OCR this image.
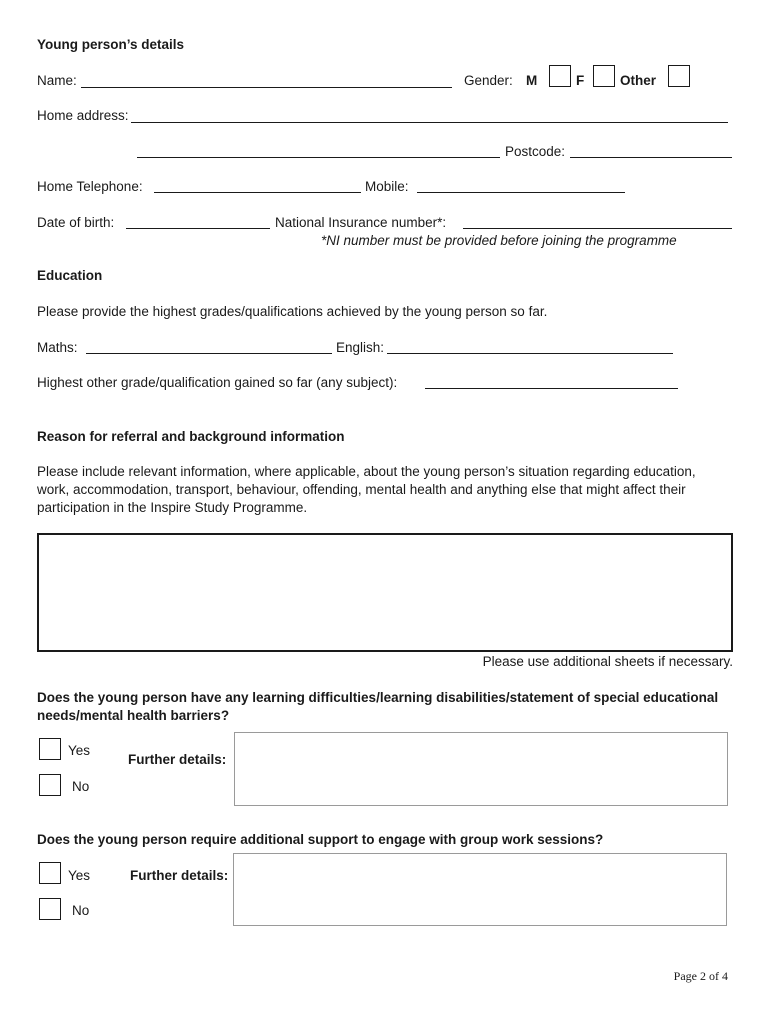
Young person’s details
Name:	Gender: M	F	Other
Home address:
Postcode:
Home Telephone:	Mobile:
Date of birth:	National Insurance number*:
*NI number must be provided before joining the programme
Education
Please provide the highest grades/qualifications achieved by the young person so far.
Maths:	English:
Highest other grade/qualification gained so far (any subject):
Reason for referral and background information
Please include relevant information, where applicable, about the young person’s situation regarding education, work, accommodation, transport, behaviour, offending, mental health and anything else that might affect their participation in the Inspire Study Programme.
Please use additional sheets if necessary.
Does the young person have any learning difficulties/learning disabilities/statement of special educational needs/mental health barriers?
Yes
Further details:
No
Does the young person require additional support to engage with group work sessions?
Yes	Further details:
No
Page 2 of 4
